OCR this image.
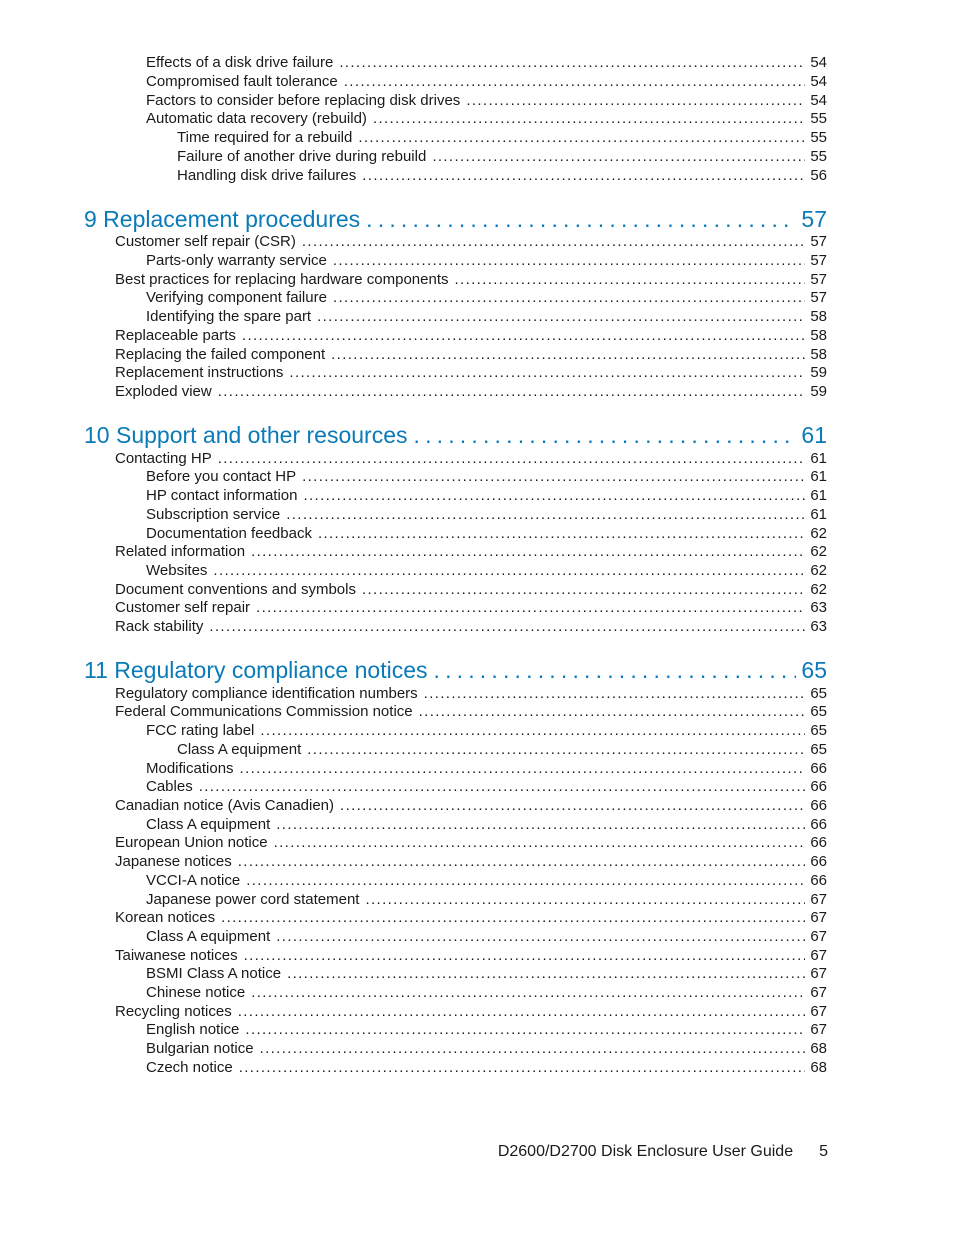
Effects of a disk drive failure . . .	54
Compromised fault tolerance . . .	54
Factors to consider before replacing disk drives . . .	54
Automatic data recovery (rebuild) . . .	55
Time required for a rebuild . . .	55
Failure of another drive during rebuild . . .	55
Handling disk drive failures . . .	56
9 Replacement procedures . . .	57
Customer self repair (CSR) . . .	57
Parts-only warranty service . . .	57
Best practices for replacing hardware components . . .	57
Verifying component failure . . .	57
Identifying the spare part . . .	58
Replaceable parts . . .	58
Replacing the failed component . . .	58
Replacement instructions . . .	59
Exploded view . . .	59
10 Support and other resources . . .	61
Contacting HP . . .	61
Before you contact HP . . .	61
HP contact information . . .	61
Subscription service . . .	61
Documentation feedback . . .	62
Related information . . .	62
Websites . . .	62
Document conventions and symbols . . .	62
Customer self repair . . .	63
Rack stability . . .	63
11 Regulatory compliance notices . . .	65
Regulatory compliance identification numbers . . .	65
Federal Communications Commission notice . . .	65
FCC rating label . . .	65
Class A equipment . . .	65
Modifications . . .	66
Cables . . .	66
Canadian notice (Avis Canadien) . . .	66
Class A equipment . . .	66
European Union notice . . .	66
Japanese notices . . .	66
VCCI-A notice . . .	66
Japanese power cord statement . . .	67
Korean notices . . .	67
Class A equipment . . .	67
Taiwanese notices . . .	67
BSMI Class A notice . . .	67
Chinese notice . . .	67
Recycling notices . . .	67
English notice . . .	67
Bulgarian notice . . .	68
Czech notice . . .	68
D2600/D2700 Disk Enclosure User Guide 5
